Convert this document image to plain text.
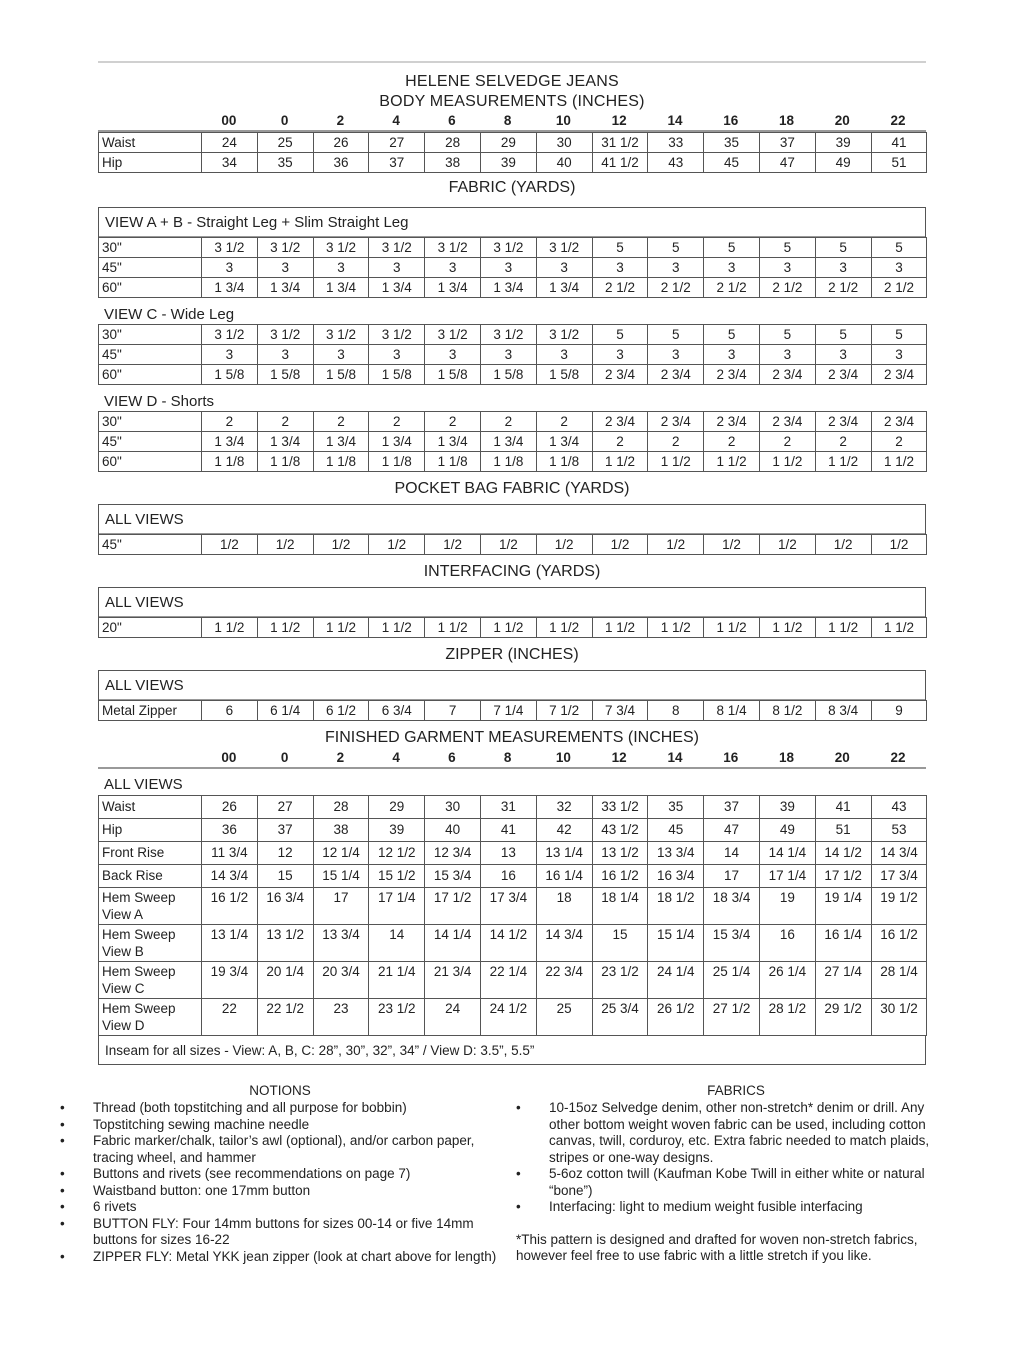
HELENE SELVEDGE JEANS
BODY MEASUREMENTS (INCHES)
00	0	2	4	6	8	10	12	14	16	18	20	22
Waist	24	25	26	27	28	29	30	31 1/2	33	35	37	39	41
Hip	34	35	36	37	38	39	40	41 1/2	43	45	47	49	51
FABRIC (YARDS)
VIEW A + B - Straight Leg + Slim Straight Leg
30"	3 1/2	3 1/2	3 1/2	3 1/2	3 1/2	3 1/2	3 1/2	5	5	5	5	5	5
45"	3	3	3	3	3	3	3	3	3	3	3	3	3
60"	1 3/4	1 3/4	1 3/4	1 3/4	1 3/4	1 3/4	1 3/4	2 1/2	2 1/2	2 1/2	2 1/2	2 1/2	2 1/2
VIEW C - Wide Leg
30"	3 1/2	3 1/2	3 1/2	3 1/2	3 1/2	3 1/2	3 1/2	5	5	5	5	5	5
45"	3	3	3	3	3	3	3	3	3	3	3	3	3
60"	1 5/8	1 5/8	1 5/8	1 5/8	1 5/8	1 5/8	1 5/8	2 3/4	2 3/4	2 3/4	2 3/4	2 3/4	2 3/4
VIEW D - Shorts
30"	2	2	2	2	2	2	2	2 3/4	2 3/4	2 3/4	2 3/4	2 3/4	2 3/4
45"	1 3/4	1 3/4	1 3/4	1 3/4	1 3/4	1 3/4	1 3/4	2	2	2	2	2	2
60"	1 1/8	1 1/8	1 1/8	1 1/8	1 1/8	1 1/8	1 1/8	1 1/2	1 1/2	1 1/2	1 1/2	1 1/2	1 1/2
POCKET BAG FABRIC (YARDS)
ALL VIEWS
45"	1/2	1/2	1/2	1/2	1/2	1/2	1/2	1/2	1/2	1/2	1/2	1/2	1/2
INTERFACING (YARDS)
ALL VIEWS
20"	1 1/2	1 1/2	1 1/2	1 1/2	1 1/2	1 1/2	1 1/2	1 1/2	1 1/2	1 1/2	1 1/2	1 1/2	1 1/2
ZIPPER (INCHES)
ALL VIEWS
Metal Zipper	6	6 1/4	6 1/2	6 3/4	7	7 1/4	7 1/2	7 3/4	8	8 1/4	8 1/2	8 3/4	9
FINISHED GARMENT MEASUREMENTS (INCHES)
00	0	2	4	6	8	10	12	14	16	18	20	22
ALL VIEWS
Waist	26	27	28	29	30	31	32	33 1/2	35	37	39	41	43
Hip	36	37	38	39	40	41	42	43 1/2	45	47	49	51	53
Front Rise	11 3/4	12	12 1/4	12 1/2	12 3/4	13	13 1/4	13 1/2	13 3/4	14	14 1/4	14 1/2	14 3/4
Back Rise	14 3/4	15	15 1/4	15 1/2	15 3/4	16	16 1/4	16 1/2	16 3/4	17	17 1/4	17 1/2	17 3/4
Hem Sweep View A	16 1/2	16 3/4	17	17 1/4	17 1/2	17 3/4	18	18 1/4	18 1/2	18 3/4	19	19 1/4	19 1/2
Hem Sweep View B	13 1/4	13 1/2	13 3/4	14	14 1/4	14 1/2	14 3/4	15	15 1/4	15 3/4	16	16 1/4	16 1/2
Hem Sweep View C	19 3/4	20 1/4	20 3/4	21 1/4	21 3/4	22 1/4	22 3/4	23 1/2	24 1/4	25 1/4	26 1/4	27 1/4	28 1/4
Hem Sweep View D	22	22 1/2	23	23 1/2	24	24 1/2	25	25 3/4	26 1/2	27 1/2	28 1/2	29 1/2	30 1/2
Inseam for all sizes - View: A, B, C: 28”, 30”, 32”, 34” / View D: 3.5”, 5.5”
NOTIONS
• Thread (both topstitching and all purpose for bobbin)
• Topstitching sewing machine needle
• Fabric marker/chalk, tailor’s awl (optional), and/or carbon paper, tracing wheel, and hammer
• Buttons and rivets (see recommendations on page 7)
• Waistband button: one 17mm button
• 6 rivets
• BUTTON FLY: Four 14mm buttons for sizes 00-14 or five 14mm buttons for sizes 16-22
• ZIPPER FLY: Metal YKK jean zipper (look at chart above for length)
FABRICS
• 10-15oz Selvedge denim, other non-stretch* denim or drill. Any other bottom weight woven fabric can be used, including cotton canvas, twill, corduroy, etc. Extra fabric needed to match plaids, stripes or one-way designs.
• 5-6oz cotton twill (Kaufman Kobe Twill in either white or natural “bone”)
• Interfacing: light to medium weight fusible interfacing
*This pattern is designed and drafted for woven non-stretch fabrics, however feel free to use fabric with a little stretch if you like.
